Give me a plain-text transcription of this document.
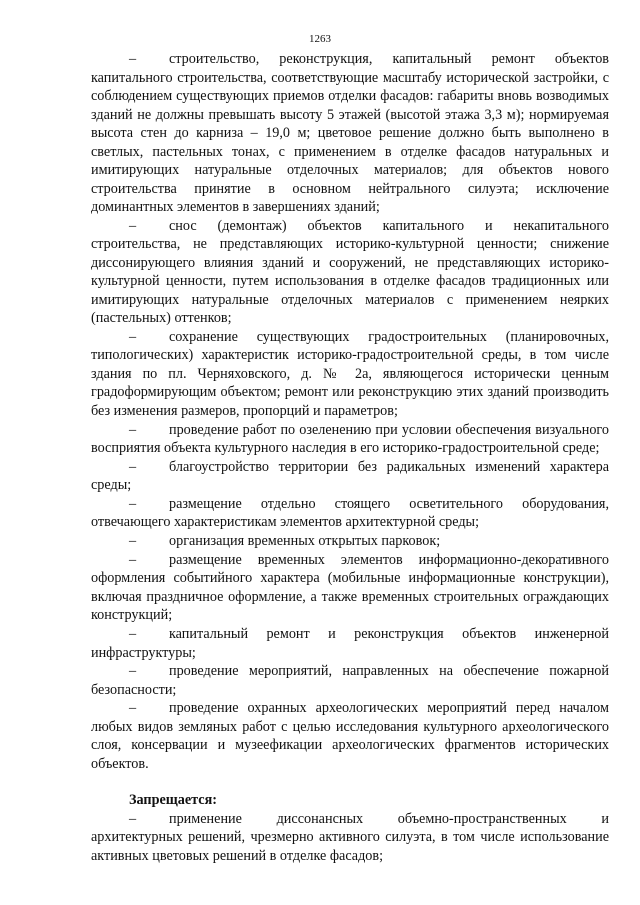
1263

– строительство, реконструкция, капитальный ремонт объектов капитального строительства, соответствующие масштабу исторической застройки, с соблюдением существующих приемов отделки фасадов: габариты вновь возводимых зданий не должны превышать высоту 5 этажей (высотой этажа 3,3 м); нормируемая высота стен до карниза – 19,0 м; цветовое решение должно быть выполнено в светлых, пастельных тонах, с применением в отделке фасадов натуральных и имитирующих натуральные отделочных материалов; для объектов нового строительства принятие в основном нейтрального силуэта; исключение доминантных элементов в завершениях зданий;

– снос (демонтаж) объектов капитального и некапитального строительства, не представляющих историко-культурной ценности; снижение диссонирующего влияния зданий и сооружений, не представляющих историко-культурной ценности, путем использования в отделке фасадов традиционных или имитирующих натуральные отделочных материалов с применением неярких (пастельных) оттенков;

– сохранение существующих градостроительных (планировочных, типологических) характеристик историко-градостроительной среды, в том числе здания по пл. Черняховского, д. № 2а, являющегося исторически ценным градоформирующим объектом; ремонт или реконструкцию этих зданий производить без изменения размеров, пропорций и параметров;

– проведение работ по озеленению при условии обеспечения визуального восприятия объекта культурного наследия в его историко-градостроительной среде;

– благоустройство территории без радикальных изменений характера среды;

– размещение отдельно стоящего осветительного оборудования, отвечающего характеристикам элементов архитектурной среды;

– организация временных открытых парковок;

– размещение временных элементов информационно-декоративного оформления событийного характера (мобильные информационные конструкции), включая праздничное оформление, а также временных строительных ограждающих конструкций;

– капитальный ремонт и реконструкция объектов инженерной инфраструктуры;

– проведение мероприятий, направленных на обеспечение пожарной безопасности;

– проведение охранных археологических мероприятий перед началом любых видов земляных работ с целью исследования культурного археологического слоя, консервации и музеефикации археологических фрагментов исторических объектов.

Запрещается:

– применение диссонансных объемно-пространственных и архитектурных решений, чрезмерно активного силуэта, в том числе использование активных цветовых решений в отделке фасадов;
